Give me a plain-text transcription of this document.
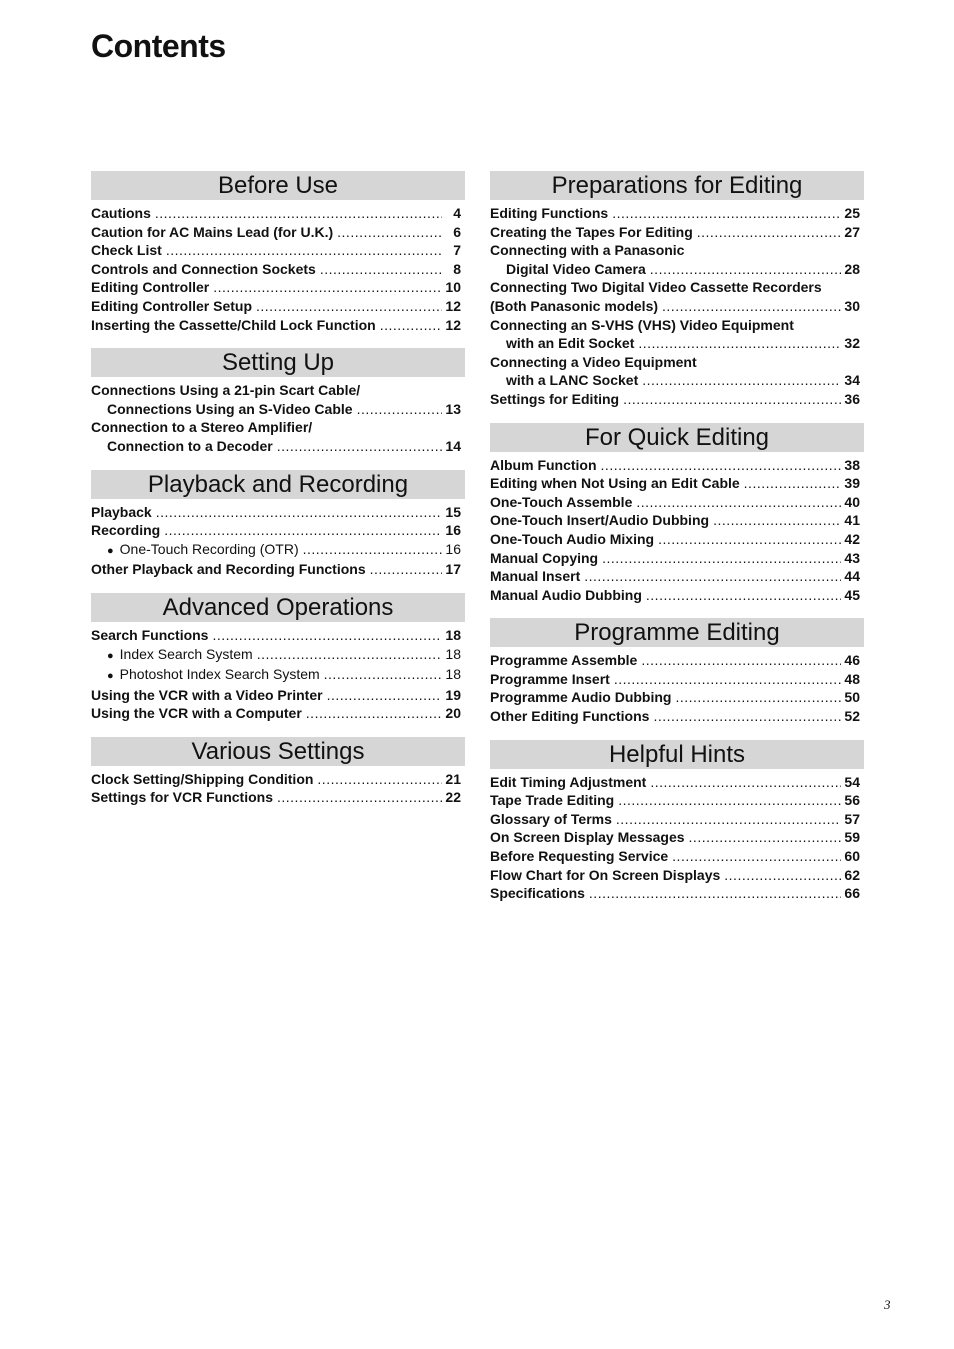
Contents
Before Use
Cautions .....	4
Caution for AC Mains Lead (for U.K.) .....	6
Check List .....	7
Controls and Connection Sockets .....	8
Editing Controller .....	10
Editing Controller Setup .....	12
Inserting the Cassette/Child Lock Function .....	12
Setting Up
Connections Using a 21-pin Scart Cable/
Connections Using an S-Video Cable .....	13
Connection to a Stereo Amplifier/
Connection to a Decoder .....	14
Playback and Recording
Playback .....	15
Recording .....	16
● One-Touch Recording (OTR) .....	16
Other Playback and Recording Functions .....	17
Advanced Operations
Search Functions .....	18
● Index Search System .....	18
● Photoshot Index Search System .....	18
Using the VCR with a Video Printer .....	19
Using the VCR with a Computer .....	20
Various Settings
Clock Setting/Shipping Condition .....	21
Settings for VCR Functions .....	22
Preparations for Editing
Editing Functions .....	25
Creating the Tapes For Editing .....	27
Connecting with a Panasonic
Digital Video Camera .....	28
Connecting Two Digital Video Cassette Recorders
(Both Panasonic models) .....	30
Connecting an S-VHS (VHS) Video Equipment
with an Edit Socket .....	32
Connecting a Video Equipment
with a LANC Socket .....	34
Settings for Editing .....	36
For Quick Editing
Album Function .....	38
Editing when Not Using an Edit Cable .....	39
One-Touch Assemble .....	40
One-Touch Insert/Audio Dubbing .....	41
One-Touch Audio Mixing .....	42
Manual Copying .....	43
Manual Insert .....	44
Manual Audio Dubbing .....	45
Programme Editing
Programme Assemble .....	46
Programme Insert .....	48
Programme Audio Dubbing .....	50
Other Editing Functions .....	52
Helpful Hints
Edit Timing Adjustment .....	54
Tape Trade Editing .....	56
Glossary of Terms .....	57
On Screen Display Messages .....	59
Before Requesting Service .....	60
Flow Chart for On Screen Displays .....	62
Specifications .....	66
3
